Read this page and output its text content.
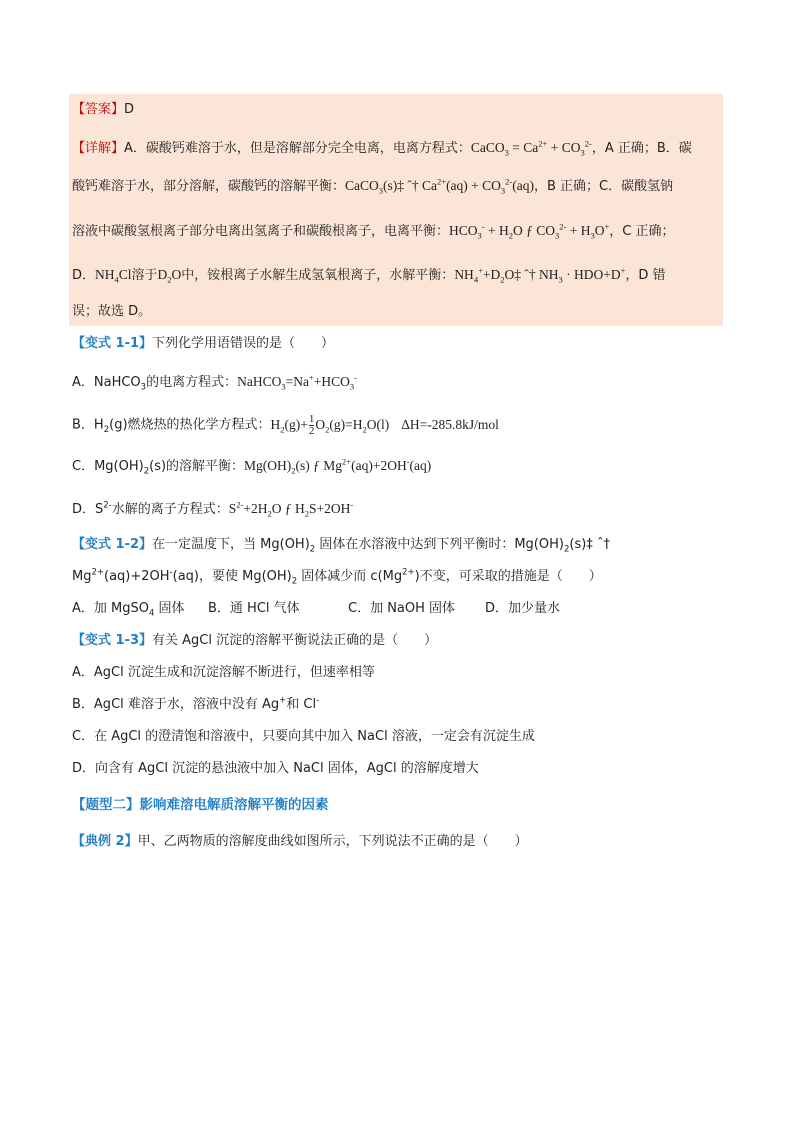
【答案】D
【详解】A．碳酸钙难溶于水，但是溶解部分完全电离，电离方程式：CaCO$_3$ = $Ca^{2+} + CO_3^{2-}$，A 正确；B．碳
酸钙难溶于水，部分溶解，碳酸钙的溶解平衡：CaCO$_3$(s)‡ ˆ† $Ca^{2+}(aq) + CO_3^{2-}(aq)$，B 正确；C．碳酸氢钠
溶液中碳酸氢根离子部分电离出氢离子和碳酸根离子，电离平衡：$HCO_3^- + H_2O$ ƒ $CO_3^{2-} + H_3O^+$，C 正确；
D．$NH_4Cl$溶于$D_2O$中，铵根离子水解生成氢氧根离子，水解平衡：$NH_4^++D_2O\ddagger$ ˆ† $NH_3 \cdot HDO+D^+$，D 错
误；故选 D。
【变式 1-1】下列化学用语错误的是（　　）
A．NaHCO$_3$的电离方程式：$NaHCO_3=Na^++HCO_3^-$
B．$H_2(g)$燃烧热的热化学方程式：$H_2(g)+ \frac{1}{2} O_2(g)=H_2O(l)$ ΔH=-285.8kJ/mol
C．$Mg(OH)_2(s)$的溶解平衡：$Mg(OH)_2(s)$ ƒ $Mg^{2+}(aq)+2OH^-(aq)$
D．$S^{2-}$水解的离子方程式：$S^{2-}+2H_2O$ ƒ $H_2S+2OH^-$
【变式 1-2】在一定温度下，当 $Mg(OH)_2$ 固体在水溶液中达到下列平衡时：$Mg(OH)_2(s)\ddagger$ ˆ†
$Mg^{2+}(aq)+2OH^-(aq)$，要使 $Mg(OH)_2$ 固体减少而 $c(Mg^{2+})$不变，可采取的措施是（　　）
A．加 MgSO$_4$ 固体 B．通 HCl 气体	C．加 NaOH 固体 D．加少量水
【变式 1-3】有关 AgCl 沉淀的溶解平衡说法正确的是（　　）
A．AgCl 沉淀生成和沉淀溶解不断进行，但速率相等
B．AgCl 难溶于水，溶液中没有 Ag+和 Cl-
C．在 AgCl 的澄清饱和溶液中，只要向其中加入 NaCl 溶液，一定会有沉淀生成
D．向含有 AgCl 沉淀的悬浊液中加入 NaCl 固体，AgCl 的溶解度增大
【题型二】影响难溶电解质溶解平衡的因素
【典例 2】甲、乙两物质的溶解度曲线如图所示，下列说法不正确的是（　　）
